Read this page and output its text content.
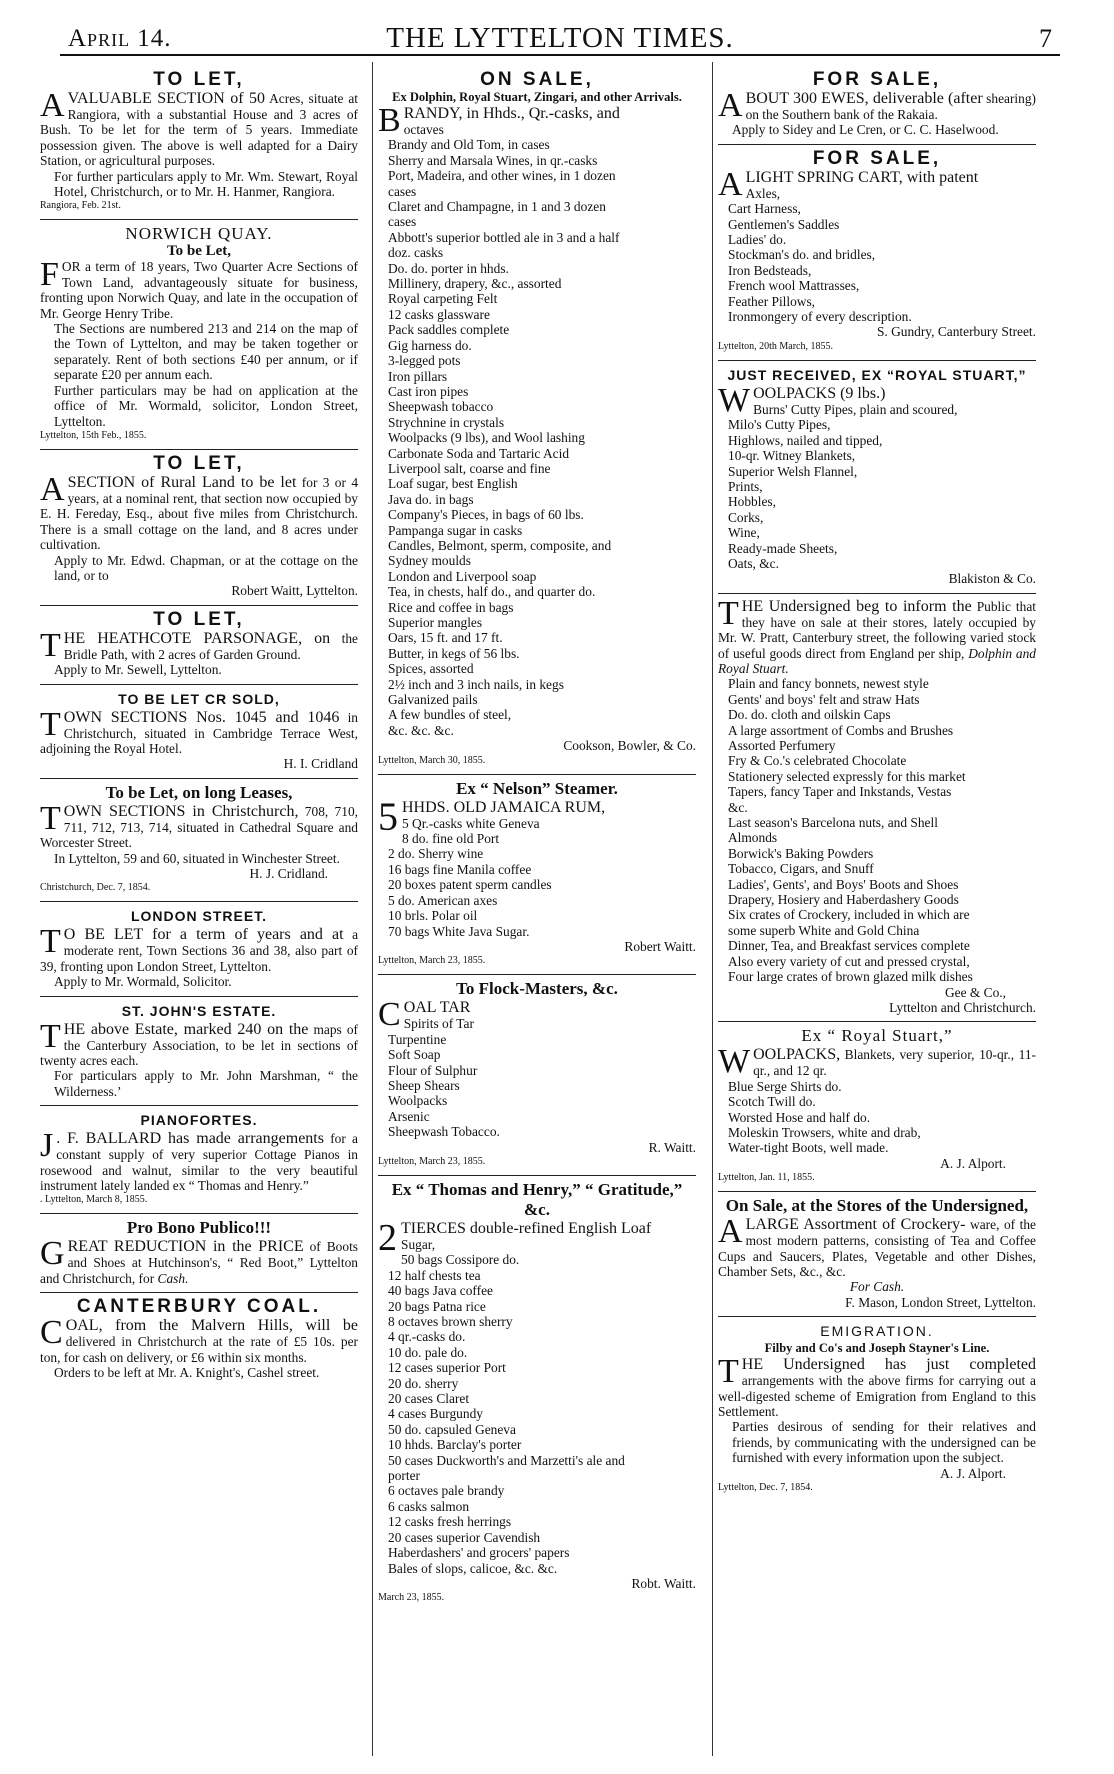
April 14.	THE LYTTELTON TIMES.	7
TO LET,

AVALUABLE SECTION of 50 Acres, situate at Rangiora, with a substantial House and 3 acres of Bush. To be let for the term of 5 years. Immediate possession given. The above is well adapted for a Dairy Station, or agricultural purposes.

For further particulars apply to Mr. Wm. Stewart, Royal Hotel, Christchurch, or to Mr. H. Hanmer, Rangiora.

Rangiora, Feb. 21st.
NORWICH QUAY.
To be Let,

FOR a term of 18 years, Two Quarter Acre Sections of Town Land, advantageously situate for business, fronting upon Norwich Quay, and late in the occupation of Mr. George Henry Tribe.

The Sections are numbered 213 and 214 on the map of the Town of Lyttelton, and may be taken together or separately. Rent of both sections £40 per annum, or if separate £20 per annum each.

Further particulars may be had on application at the office of Mr. Wormald, solicitor, London Street, Lyttelton.

Lyttelton, 15th Feb., 1855.
TO LET,

ASECTION of Rural Land to be let for 3 or 4 years, at a nominal rent, that section now occupied by E. H. Fereday, Esq., about five miles from Christchurch. There is a small cottage on the land, and 8 acres under cultivation.

Apply to Mr. Edwd. Chapman, or at the cottage on the land, or to

Robert Waitt, Lyttelton.

TO LET,

THE HEATHCOTE PARSONAGE, on the Bridle Path, with 2 acres of Garden Ground.

Apply to Mr. Sewell, Lyttelton.

TO BE LET CR SOLD,

TOWN SECTIONS Nos. 1045 and 1046 in Christchurch, situated in Cambridge Terrace West, adjoining the Royal Hotel.

H. I. Cridland

To be Let, on long Leases,

TOWN SECTIONS in Christchurch, 708, 710, 711, 712, 713, 714, situated in Cathedral Square and Worcester Street.

In Lyttelton, 59 and 60, situated in Winchester Street.

H. J. Cridland.

Christchurch, Dec. 7, 1854.
LONDON STREET.

T O BE LET for a term of years and at a moderate rent, Town Sections 36 and 38, also part of 39, fronting upon London Street, Lyttelton.

Apply to Mr. Wormald, Solicitor.

ST. JOHN'S ESTATE.

THE above Estate, marked 240 on the maps of the Canterbury Association, to be let in sections of twenty acres each.

For particulars apply to Mr. John Marshman, “ the Wilderness.’

PIANOFORTES.

J . F. BALLARD has made arrangements for a constant supply of very superior Cottage Pianos in rosewood and walnut, similar to the very beautiful instrument lately landed ex “ Thomas and Henry.”

. Lyttelton, March 8, 1855.
Pro Bono Publico!!!

GREAT REDUCTION in the PRICE of Boots and Shoes at Hutchinson's, “ Red Boot,” Lyttelton and Christchurch, for Cash.

CANTERBURY COAL.

COAL, from the Malvern Hills, will be delivered in Christchurch at the rate of £5 10s. per ton, for cash on delivery, or £6 within six months.

Orders to be left at Mr. A. Knight's, Cashel street.

ON SALE,
Ex Dolphin, Royal Stuart, Zingari, and other Arrivals.

BRANDY, in Hhds., Qr.-casks, and

octaves
Brandy and Old Tom, in cases
Sherry and Marsala Wines, in qr.-casks
Port, Madeira, and other wines, in 1 dozen
cases
Claret and Champagne, in 1 and 3 dozen
cases
Abbott's superior bottled ale in 3 and a half
doz. casks
Do. do. porter in hhds.
Millinery, drapery, &c., assorted
Royal carpeting Felt
12 casks glassware
Pack saddles complete
Gig harness do.
3-legged pots
Iron pillars
Cast iron pipes
Sheepwash tobacco
Strychnine in crystals
Woolpacks (9 lbs), and Wool lashing
Carbonate Soda and Tartaric Acid
Liverpool salt, coarse and fine
Loaf sugar, best English
Java do. in bags
Company's Pieces, in bags of 60 lbs.
Pampanga sugar in casks
Candles, Belmont, sperm, composite, and
Sydney moulds
London and Liverpool soap
Tea, in chests, half do., and quarter do.
Rice and coffee in bags
Superior mangles
Oars, 15 ft. and 17 ft.
Butter, in kegs of 56 lbs.
Spices, assorted
2½ inch and 3 inch nails, in kegs
Galvanized pails
A few bundles of steel,
&c. &c. &c.

Cookson, Bowler, & Co.

Lyttelton, March 30, 1855.
Ex “ Nelson” Steamer.

5 HHDS. OLD JAMAICA RUM,

5 Qr.-casks white Geneva
8 do. fine old Port
2 do. Sherry wine
16 bags fine Manila coffee
20 boxes patent sperm candles
5 do. American axes
10 brls. Polar oil
70 bags White Java Sugar.

Robert Waitt.

Lyttelton, March 23, 1855.
To Flock-Masters, &c.

COAL TAR

Spirits of Tar
Turpentine
Soft Soap
Flour of Sulphur
Sheep Shears
Woolpacks
Arsenic
Sheepwash Tobacco.

R. Waitt.

Lyttelton, March 23, 1855.
Ex “ Thomas and Henry,” “ Gratitude,” &c.

2 TIERCES double-refined English Loaf

Sugar,
50 bags Cossipore do.
12 half chests tea
40 bags Java coffee
20 bags Patna rice
8 octaves brown sherry
4 qr.-casks do.
10 do. pale do.
12 cases superior Port
20 do. sherry
20 cases Claret
4 cases Burgundy
50 do. capsuled Geneva
10 hhds. Barclay's porter
50 cases Duckworth's and Marzetti's ale and
porter
6 octaves pale brandy
6 casks salmon
12 casks fresh herrings
20 cases superior Cavendish
Haberdashers' and grocers' papers
Bales of slops, calicoe, &c. &c.

Robt. Waitt.

March 23, 1855.
FOR SALE,

ABOUT 300 EWES, deliverable (after shearing) on the Southern bank of the Rakaia.

Apply to Sidey and Le Cren, or C. C. Haselwood.

FOR SALE,

ALIGHT SPRING CART, with patent

Axles,
Cart Harness,
Gentlemen's Saddles
Ladies' do.
Stockman's do. and bridles,
Iron Bedsteads,
French wool Mattrasses,
Feather Pillows,
Ironmongery of every description.

S. Gundry, Canterbury Street.

Lyttelton, 20th March, 1855.
JUST RECEIVED, EX “ROYAL STUART,”

WOOLPACKS (9 lbs.)

Burns' Cutty Pipes, plain and scoured,
Milo's Cutty Pipes,
Highlows, nailed and tipped,
10-qr. Witney Blankets,
Superior Welsh Flannel,
Prints,
Hobbles,
Corks,
Wine,
Ready-made Sheets,
Oats, &c.

Blakiston & Co.

THE Undersigned beg to inform the Public that they have on sale at their stores, lately occupied by Mr. W. Pratt, Canterbury street, the following varied stock of useful goods direct from England per ship, Dolphin and Royal Stuart.

Plain and fancy bonnets, newest style
Gents' and boys' felt and straw Hats
Do. do. cloth and oilskin Caps
A large assortment of Combs and Brushes
Assorted Perfumery
Fry & Co.'s celebrated Chocolate
Stationery selected expressly for this market
Tapers, fancy Taper and Inkstands, Vestas
&c.
Last season's Barcelona nuts, and Shell
Almonds
Borwick's Baking Powders
Tobacco, Cigars, and Snuff
Ladies', Gents', and Boys' Boots and Shoes
Drapery, Hosiery and Haberdashery Goods
Six crates of Crockery, included in which are
some superb White and Gold China
Dinner, Tea, and Breakfast services complete
Also every variety of cut and pressed crystal,
Four large crates of brown glazed milk dishes

Gee & Co.,

Lyttelton and Christchurch.

Ex “ Royal Stuart,”

WOOLPACKS, Blankets, very superior, 10-qr., 11-qr., and 12 qr.

Blue Serge Shirts do.
Scotch Twill do.
Worsted Hose and half do.
Moleskin Trowsers, white and drab,
Water-tight Boots, well made.

A. J. Alport.

Lyttelton, Jan. 11, 1855.
On Sale, at the Stores of the Undersigned,

ALARGE Assortment of Crockery- ware, of the most modern patterns, consisting of Tea and Coffee Cups and Saucers, Plates, Vegetable and other Dishes, Chamber Sets, &c., &c.

For Cash.

F. Mason, London Street, Lyttelton.

EMIGRATION.
Filby and Co's and Joseph Stayner's Line.

THE Undersigned has just completed arrangements with the above firms for carrying out a well-digested scheme of Emigration from England to this Settlement.

Parties desirous of sending for their relatives and friends, by communicating with the undersigned can be furnished with every information upon the subject.

A. J. Alport.

Lyttelton, Dec. 7, 1854.
